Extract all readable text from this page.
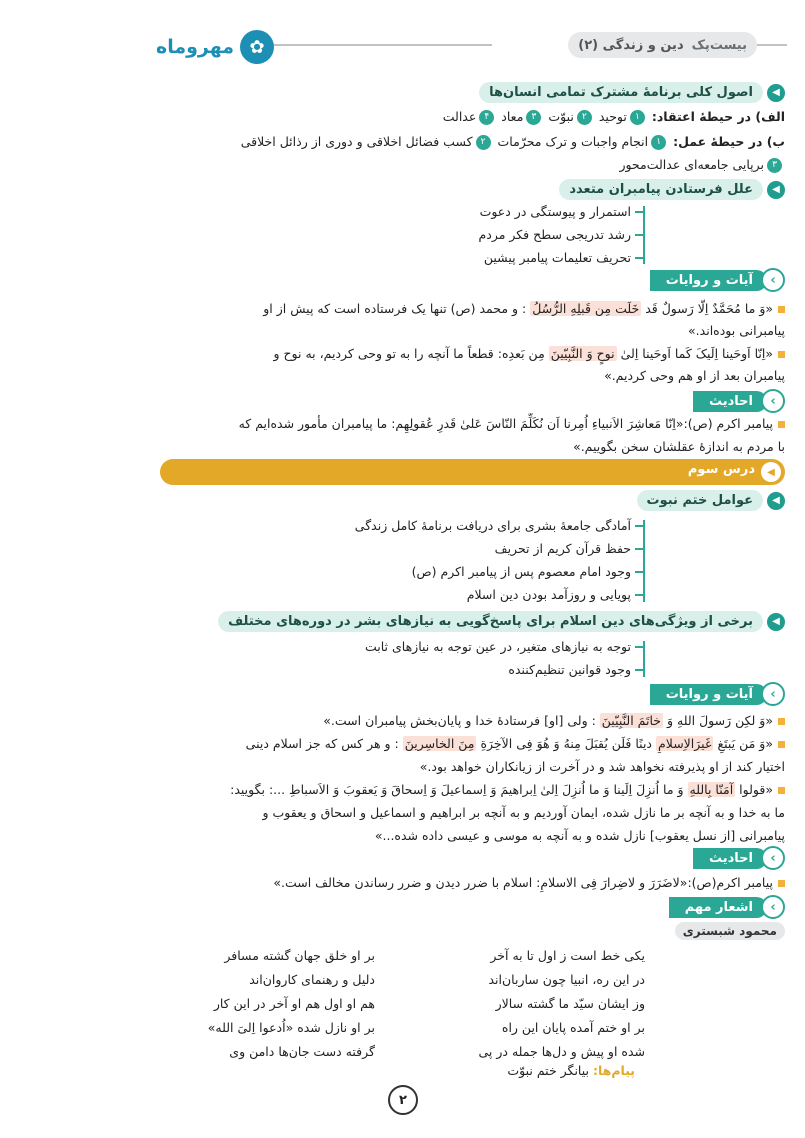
بیست‌پک
دین و زندگی (۲)
✿
مهروماه
◀
اصول کلی برنامۀ مشترک تمامی انسان‌ها
الف) در حیطۀ اعتقاد: ۱توحید ۲نبوّت ۳معاد ۴عدالت
ب) در حیطۀ عمل: ۱انجام واجبات و ترک محرّمات ۲کسب فضائل اخلاقی و دوری از رذائل اخلاقی
۳برپایی جامعه‌ای عدالت‌محور
◀
علل فرستادن پیامبران متعدد
استمرار و پیوستگی در دعوت
رشد تدریجی سطح فکر مردم
تحریف تعلیمات پیامبر پیشین
›
آیات و روایات
«وَ ما مُحَمَّدٌ اِلّا رَسولٌ قَد خَلَت مِن قَبلِهِ الرُّسُلُ : و محمد (ص) تنها یک فرستاده است که پیش از او
پیامبرانی بوده‌اند.»
«اِنّا اَوحَینا اِلَیکَ کَما اَوحَینا اِلیٰ نوحٍ وَ النَّبِیّینَ مِن بَعدِه: قطعاً ما آنچه را به تو وحی کردیم، به نوح و
پیامبران بعد از او هم وحی کردیم.»
›
احادیث
پیامبر اکرم (ص):«اِنّا مَعاشِرَ الاَنبیاءِ اُمِرنا اَن نُکَلِّمَ النّاسَ عَلیٰ قَدرِ عُقولِهِم: ما پیامبران مأمور شده‌ایم که
با مردم به اندازۀ عقلشان سخن بگوییم.»
◀
درس سوم
◀
عوامل ختم نبوت
آمادگی جامعۀ بشری برای دریافت برنامۀ کامل زندگی
حفظ قرآن کریم از تحریف
وجود امام معصوم پس از پیامبر اکرم (ص)
پویایی و روزآمد بودن دین اسلام
◀
برخی از ویژگی‌های دین اسلام برای پاسخ‌گویی به نیازهای بشر در دوره‌های مختلف
توجه به نیازهای متغیر، در عین توجه به نیازهای ثابت
وجود قوانین تنظیم‌کننده
›
آیات و روایات
«وَ لکِن رَسولَ اللهِ وَ خاتَمَ النَّبِیّینَ : ولی [او] فرستادۀ خدا و پایان‌بخش پیامبران است.»
«وَ مَن یَبتَغِ غَیرَالاِسلامِ دینًا فَلَن یُقبَلَ مِنهُ وَ هُوَ فِی الآخِرَةِ مِنَ الخاسِرینَ : و هر کس که جز اسلام دینی
اختیار کند از او پذیرفته نخواهد شد و در آخرت از زیانکاران خواهد بود.»
«قولوا آمَنّا بِاللهِ وَ ما اُنزِلَ اِلَینا وَ ما اُنزِلَ اِلیٰ اِبراهیمَ وَ اِسماعیلَ وَ اِسحاقَ وَ یَعقوبَ وَ الاَسباطِ ...: بگویید:
ما به خدا و به آنچه بر ما نازل شده، ایمان آوردیم و به آنچه بر ابراهیم و اسماعیل و اسحاق و یعقوب و
پیامبرانی [از نسل یعقوب] نازل شده و به آنچه به موسی و عیسی داده شده...»
›
احادیث
پیامبر اکرم(ص):«لاضَرَرَ و لاضِرارَ فِی الاسلامِ: اسلام با ضرر دیدن و ضرر رساندن مخالف است.»
›
اشعار مهم
محمود شبستری
یکی خط است ز اول تا به آخر
بر او خلق جهان گشته مسافر
در این ره، انبیا چون ساربان‌اند
دلیل و رهنمای کاروان‌اند
وز ایشان سیّد ما گشته سالار
هم او اول هم او آخر در این کار
بر او ختم آمده پایان این راه
بر او نازل شده «اُدعوا اِلیَ الله»
شده او پیش و دل‌ها جمله در پی
گرفته دست جان‌ها دامن وی
پیام‌ها: بیانگر ختم نبوّت
۲
